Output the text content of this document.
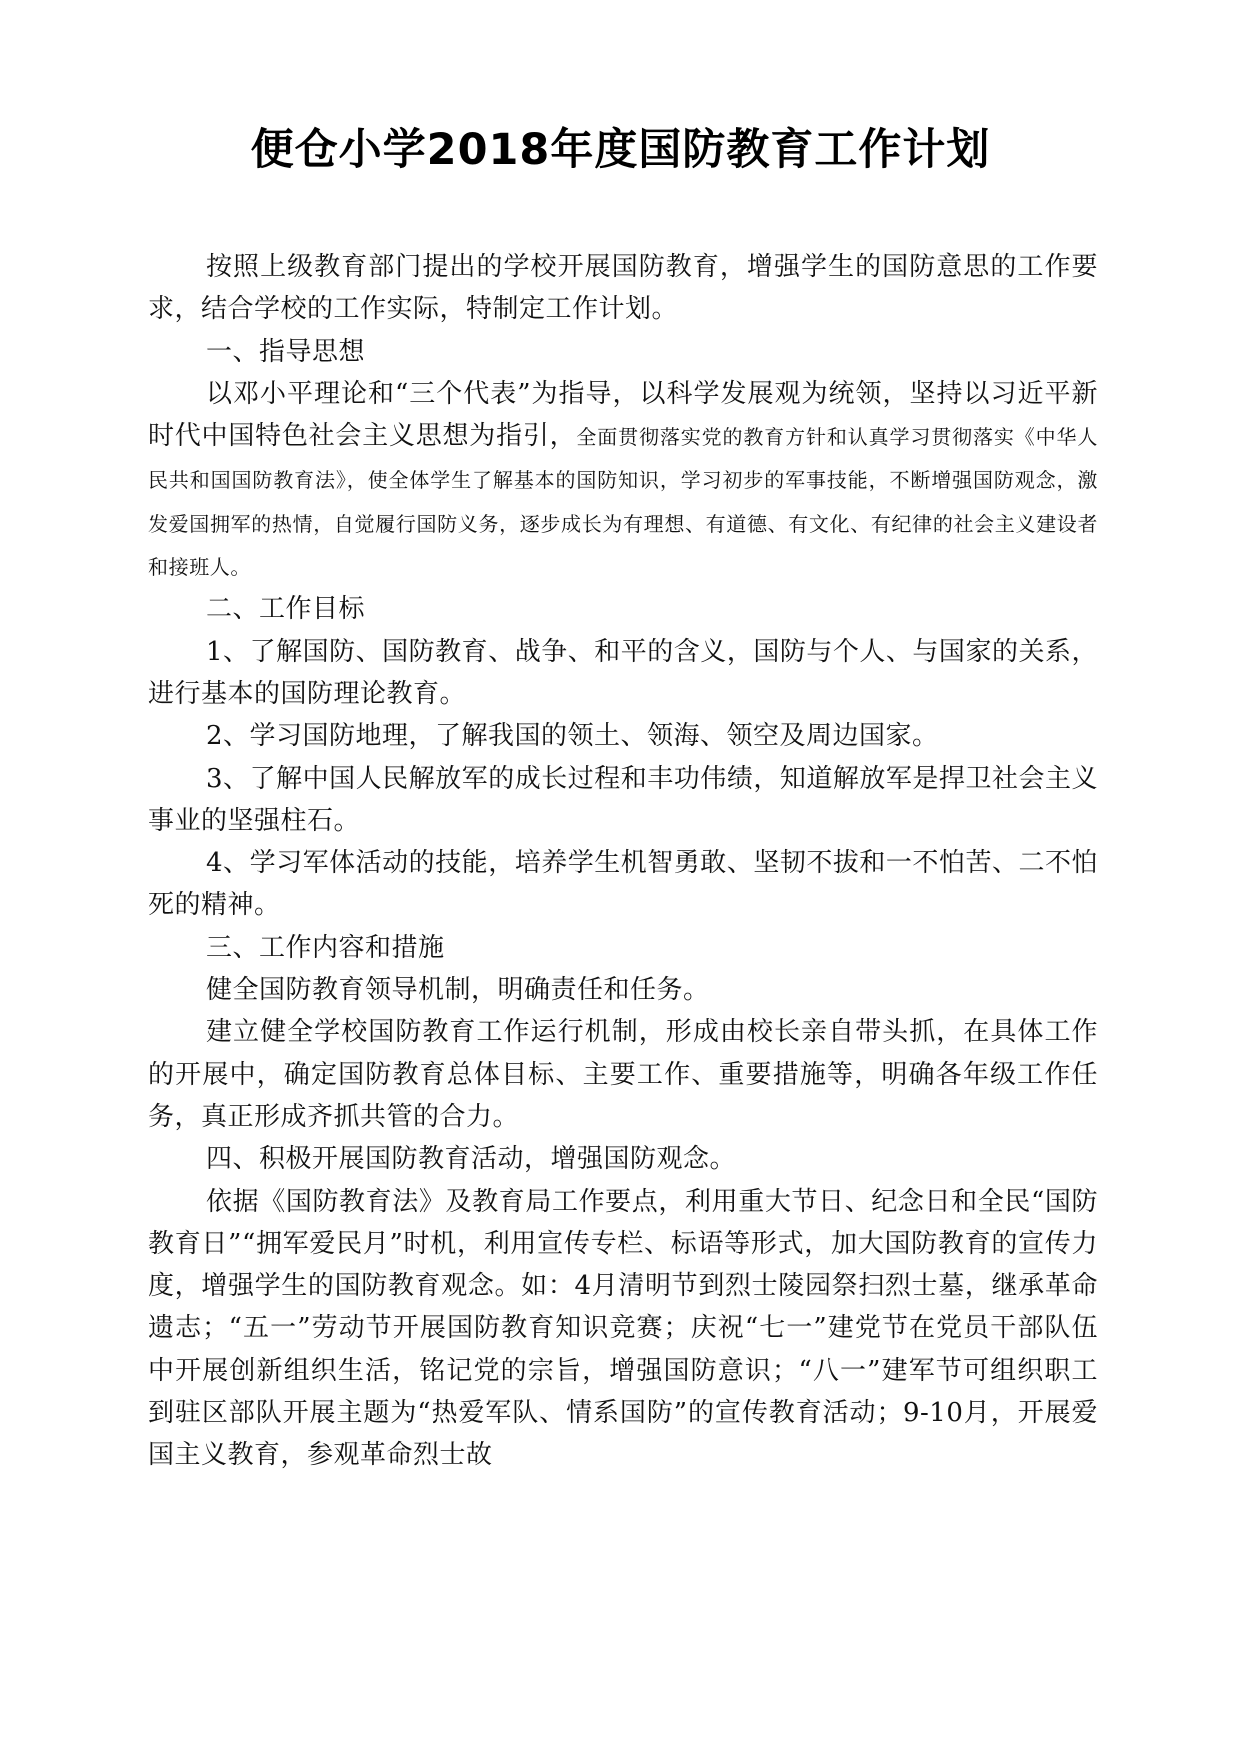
便仓小学2018年度国防教育工作计划

按照上级教育部门提出的学校开展国防教育，增强学生的国防意思的工作要求，结合学校的工作实际，特制定工作计划。

一、指导思想

以邓小平理论和“三个代表”为指导，以科学发展观为统领，坚持以习近平新时代中国特色社会主义思想为指引，全面贯彻落实党的教育方针和认真学习贯彻落实《中华人民共和国国防教育法》，使全体学生了解基本的国防知识，学习初步的军事技能，不断增强国防观念，激发爱国拥军的热情，自觉履行国防义务，逐步成长为有理想、有道德、有文化、有纪律的社会主义建设者和接班人。

二、工作目标

1、了解国防、国防教育、战争、和平的含义，国防与个人、与国家的关系，进行基本的国防理论教育。

2、学习国防地理，了解我国的领土、领海、领空及周边国家。

3、了解中国人民解放军的成长过程和丰功伟绩，知道解放军是捍卫社会主义事业的坚强柱石。

4、学习军体活动的技能，培养学生机智勇敢、坚韧不拔和一不怕苦、二不怕死的精神。

三、工作内容和措施

健全国防教育领导机制，明确责任和任务。

建立健全学校国防教育工作运行机制，形成由校长亲自带头抓，在具体工作的开展中，确定国防教育总体目标、主要工作、重要措施等，明确各年级工作任务，真正形成齐抓共管的合力。

四、积极开展国防教育活动，增强国防观念。

依据《国防教育法》及教育局工作要点，利用重大节日、纪念日和全民“国防教育日”“拥军爱民月”时机，利用宣传专栏、标语等形式，加大国防教育的宣传力度，增强学生的国防教育观念。如：4月清明节到烈士陵园祭扫烈士墓，继承革命遗志；“五一”劳动节开展国防教育知识竞赛；庆祝“七一”建党节在党员干部队伍中开展创新组织生活，铭记党的宗旨，增强国防意识；“八一”建军节可组织职工到驻区部队开展主题为“热爱军队、情系国防”的宣传教育活动；9-10月，开展爱国主义教育，参观革命烈士故
